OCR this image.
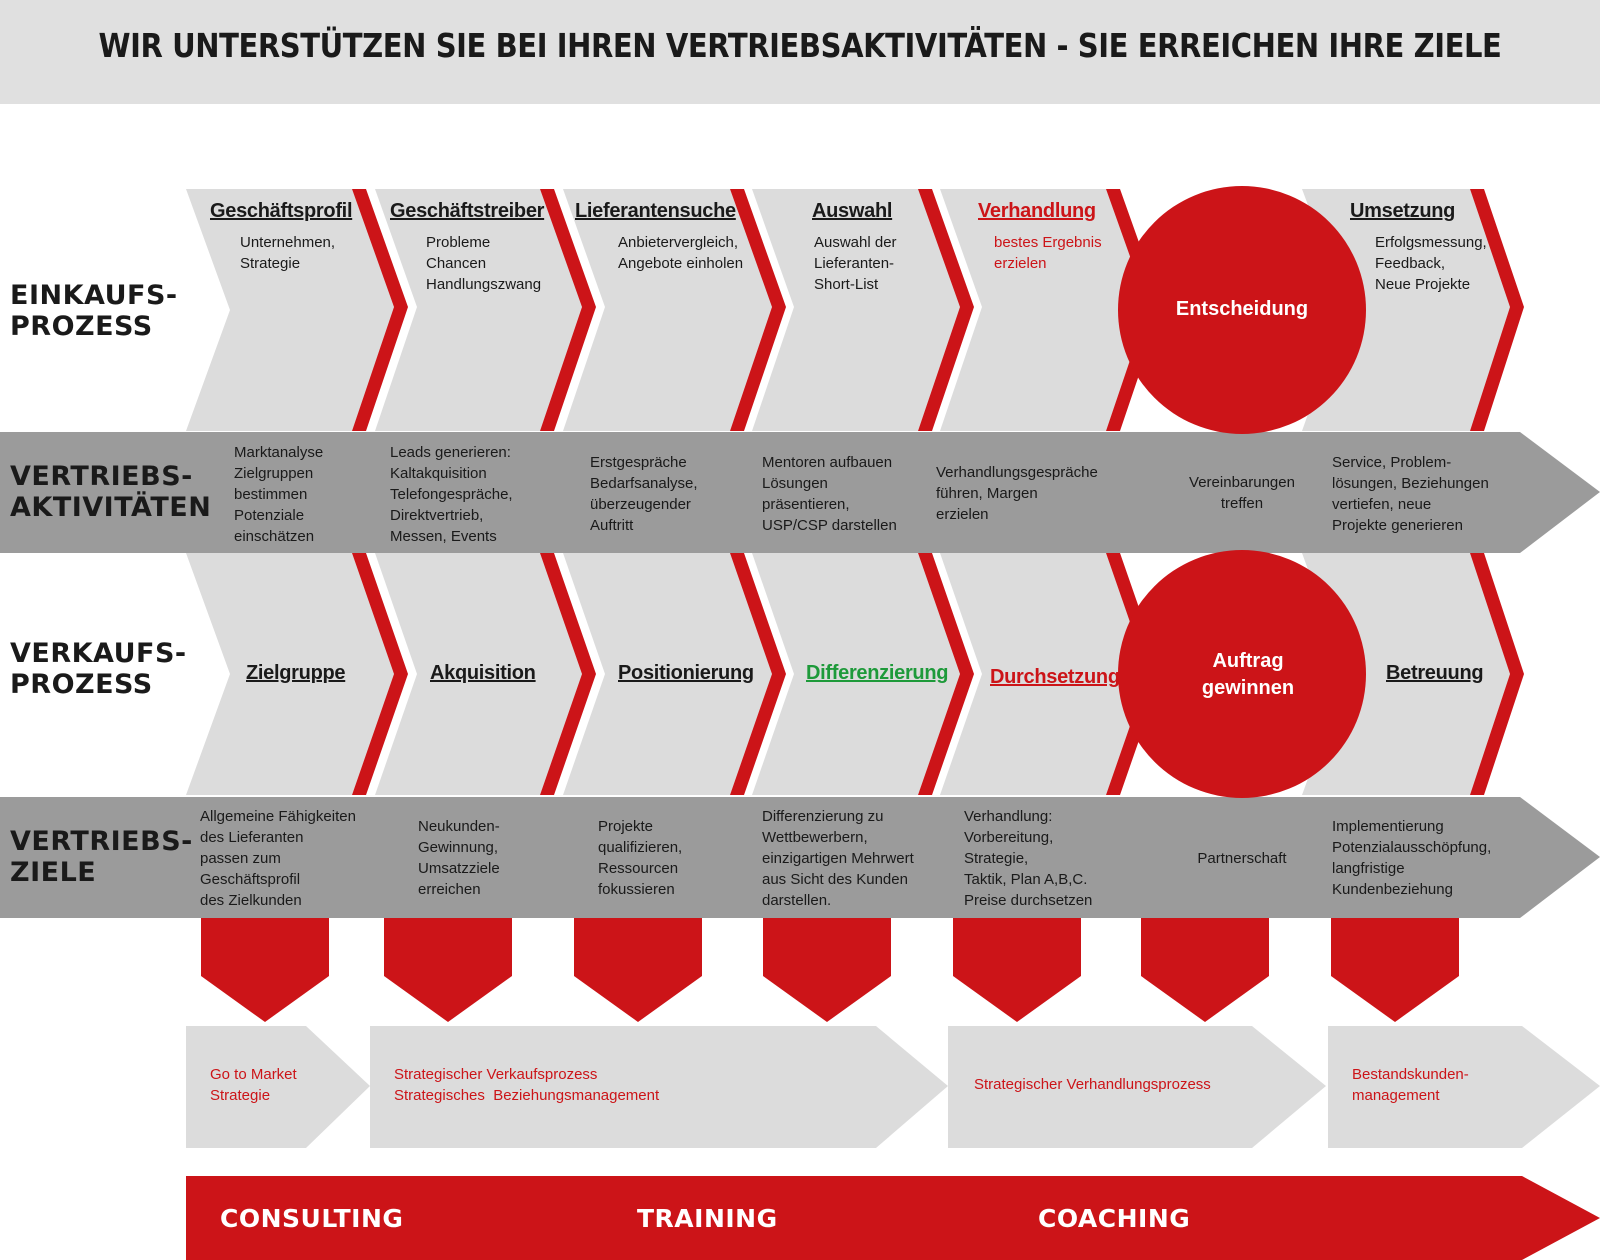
WIR UNTERSTÜTZEN SIE BEI IHREN VERTRIEBSAKTIVITÄTEN - SIE ERREICHEN IHRE ZIELE
EINKAUFS-
PROZESS
VERTRIEBS-
AKTIVITÄTEN
VERKAUFS-
PROZESS
VERTRIEBS-
ZIELE
Geschäftsprofil
Unternehmen,
Strategie
Geschäftstreiber
Probleme
Chancen
Handlungszwang
Lieferantensuche
Anbietervergleich,
Angebote einholen
Auswahl
Auswahl der
Lieferanten-
Short-List
Verhandlung
bestes Ergebnis
erzielen
Umsetzung
Erfolgsmessung,
Feedback,
Neue Projekte
Entscheidung
Marktanalyse
Zielgruppen
bestimmen
Potenziale
einschätzen
Leads generieren:
Kaltakquisition
Telefongespräche,
Direktvertrieb,
Messen, Events
Erstgespräche
Bedarfsanalyse,
überzeugender
Auftritt
Mentoren aufbauen
Lösungen
präsentieren,
USP/CSP darstellen
Verhandlungsgespräche
führen, Margen
erzielen
Vereinbarungen
treffen
Service, Problem-
lösungen, Beziehungen
vertiefen, neue
Projekte generieren
Zielgruppe	Akquisition	Positionierung	Differenzierung Durchsetzung	Betreuung
Auftrag
gewinnen
Allgemeine Fähigkeiten
des Lieferanten
passen zum
Geschäftsprofil
des Zielkunden
Neukunden-
Gewinnung,
Umsatzziele
erreichen
Projekte
qualifizieren,
Ressourcen
fokussieren
Differenzierung zu
Wettbewerbern,
einzigartigen Mehrwert
aus Sicht des Kunden
darstellen.
Verhandlung:
Vorbereitung,
Strategie,
Taktik, Plan A,B,C.
Preise durchsetzen
Partnerschaft
Implementierung
Potenzialausschöpfung,
langfristige
Kundenbeziehung
Go to Market
Strategie
Strategischer Verkaufsprozess
Strategisches  Beziehungsmanagement
Strategischer Verhandlungsprozess
Bestandskunden-
management
CONSULTING	TRAINING	COACHING
